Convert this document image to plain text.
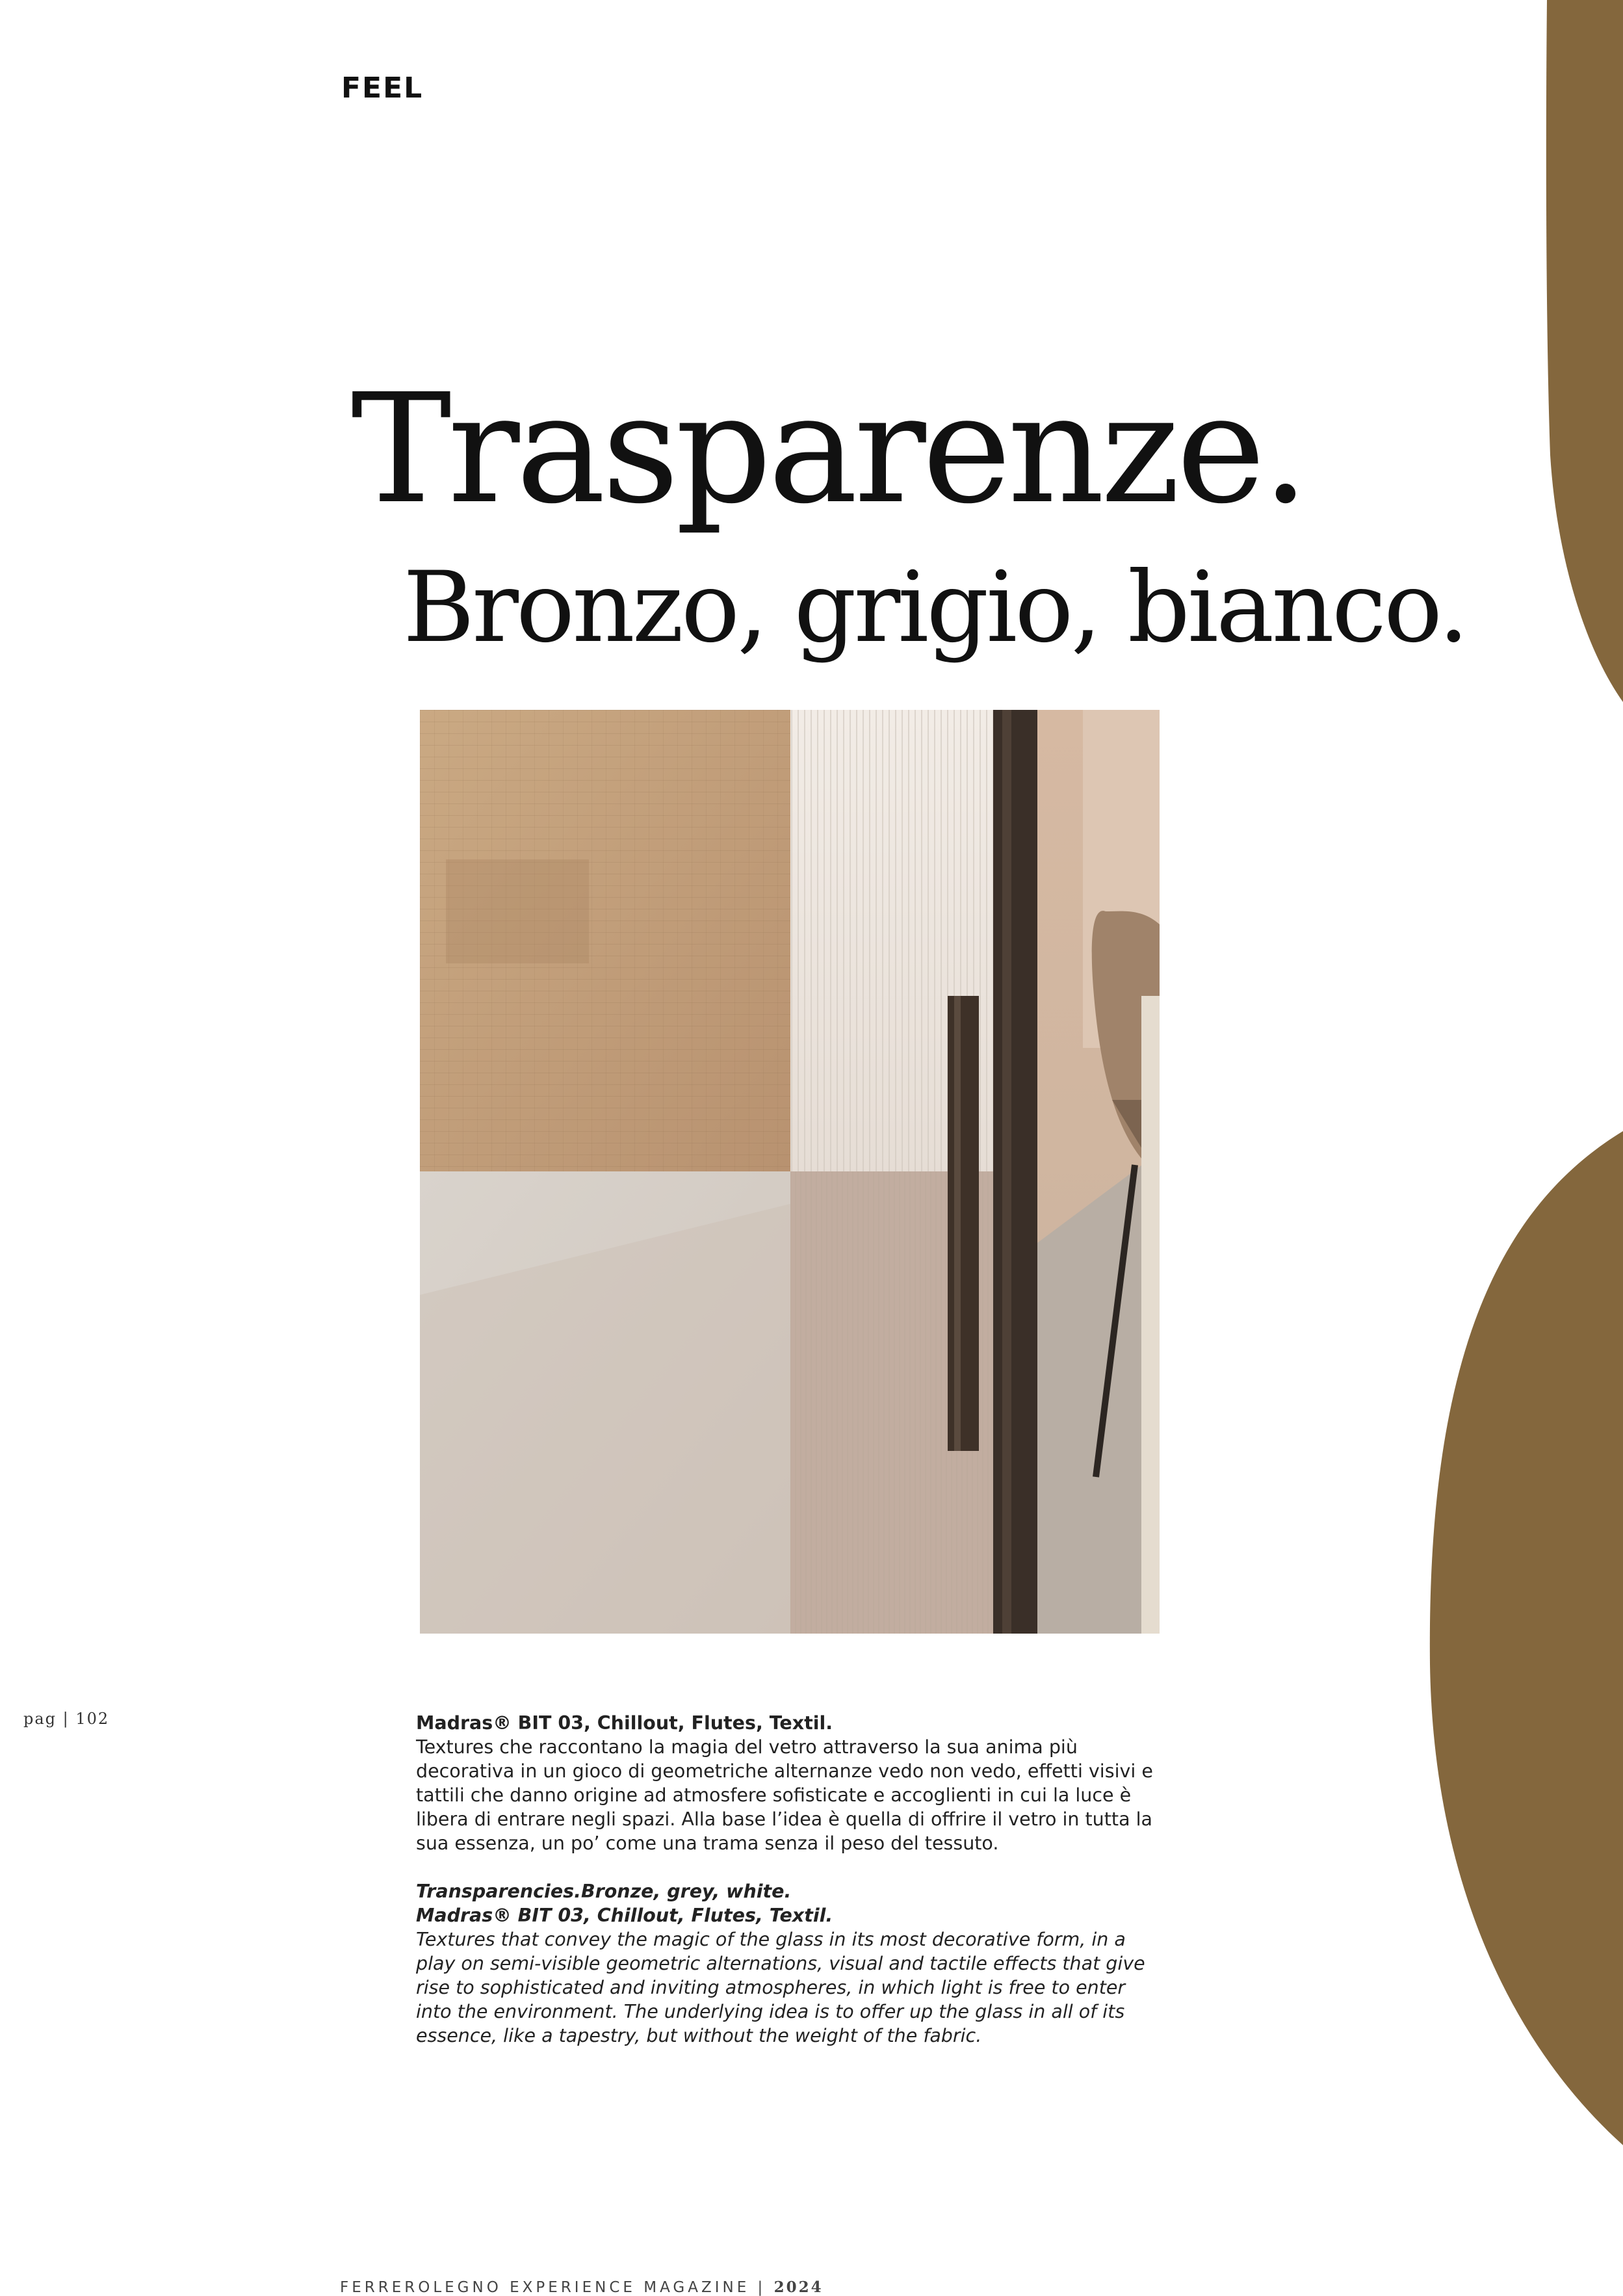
FEEL
Trasparenze.
Bronzo, grigio, bianco.
pag | 102	Madras® BIT 03, Chillout, Flutes, Textil.

Textures che raccontano la magia del vetro attraverso la sua anima più decorativa in un gioco di geometriche alternanze vedo non vedo, effetti visivi e tattili che danno origine ad atmosfere sofisticate e accoglienti in cui la luce è libera di entrare negli spazi. Alla base l’idea è quella di offrire il vetro in tutta la sua essenza, un po’ come una trama senza il peso del tessuto.

Transparencies.Bronze, grey, white.

Madras® BIT 03, Chillout, Flutes, Textil.

Textures that convey the magic of the glass in its most decorative form, in a play on semi-visible geometric alternations, visual and tactile effects that give rise to sophisticated and inviting atmospheres, in which light is free to enter into the environment. The underlying idea is to offer up the glass in all of its essence, like a tapestry, but without the weight of the fabric.

FERREROLEGNO EXPERIENCE MAGAZINE | 2024
